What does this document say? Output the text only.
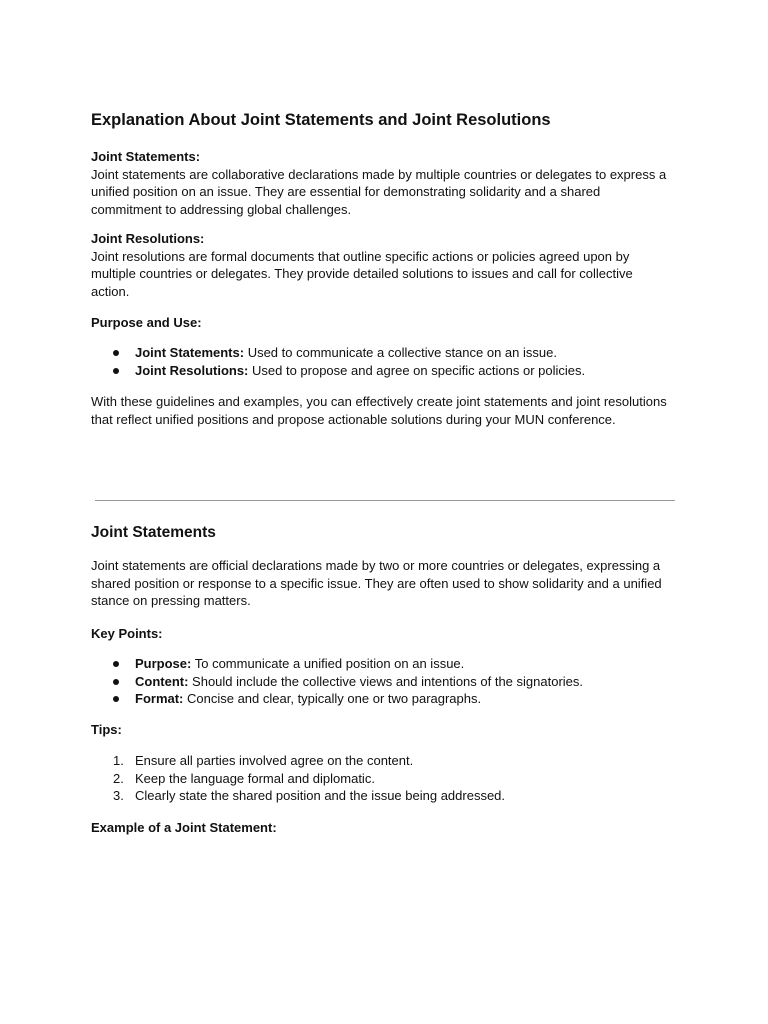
Explanation About Joint Statements and Joint Resolutions
Joint Statements:
Joint statements are collaborative declarations made by multiple countries or delegates to express a unified position on an issue. They are essential for demonstrating solidarity and a shared commitment to addressing global challenges.
Joint Resolutions:
Joint resolutions are formal documents that outline specific actions or policies agreed upon by multiple countries or delegates. They provide detailed solutions to issues and call for collective action.
Purpose and Use:
Joint Statements: Used to communicate a collective stance on an issue.
Joint Resolutions: Used to propose and agree on specific actions or policies.
With these guidelines and examples, you can effectively create joint statements and joint resolutions that reflect unified positions and propose actionable solutions during your MUN conference.
Joint Statements
Joint statements are official declarations made by two or more countries or delegates, expressing a shared position or response to a specific issue. They are often used to show solidarity and a unified stance on pressing matters.
Key Points:
Purpose: To communicate a unified position on an issue.
Content: Should include the collective views and intentions of the signatories.
Format: Concise and clear, typically one or two paragraphs.
Tips:
1. Ensure all parties involved agree on the content.
2. Keep the language formal and diplomatic.
3. Clearly state the shared position and the issue being addressed.
Example of a Joint Statement:
